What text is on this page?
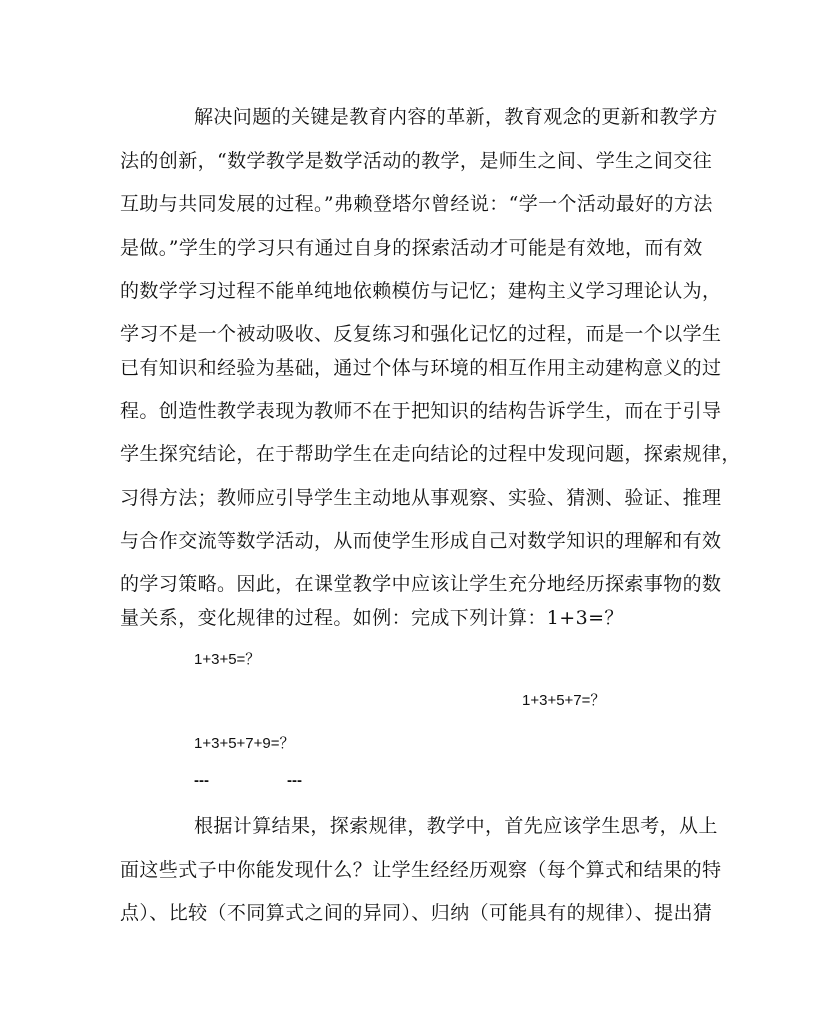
解决问题的关键是教育内容的革新，教育观念的更新和教学方
法的创新，“数学教学是数学活动的教学，是师生之间、学生之间交往
互助与共同发展的过程。”弗赖登塔尔曾经说：“学一个活动最好的方法
是做。”学生的学习只有通过自身的探索活动才可能是有效地，而有效
的数学学习过程不能单纯地依赖模仿与记忆；建构主义学习理论认为，
学习不是一个被动吸收、反复练习和强化记忆的过程，而是一个以学生
已有知识和经验为基础，通过个体与环境的相互作用主动建构意义的过
程。创造性教学表现为教师不在于把知识的结构告诉学生，而在于引导
学生探究结论，在于帮助学生在走向结论的过程中发现问题，探索规律，
习得方法；教师应引导学生主动地从事观察、实验、猜测、验证、推理
与合作交流等数学活动，从而使学生形成自己对数学知识的理解和有效
的学习策略。因此，在课堂教学中应该让学生充分地经历探索事物的数
量关系，变化规律的过程。如例：完成下列计算：1+3=？
1+3+5=？
1+3+5+7=？
1+3+5+7+9=？
---	---
根据计算结果，探索规律，教学中，首先应该学生思考，从上
面这些式子中你能发现什么？让学生经经历观察（每个算式和结果的特
点）、比较（不同算式之间的异同）、归纳（可能具有的规律）、提出猜
